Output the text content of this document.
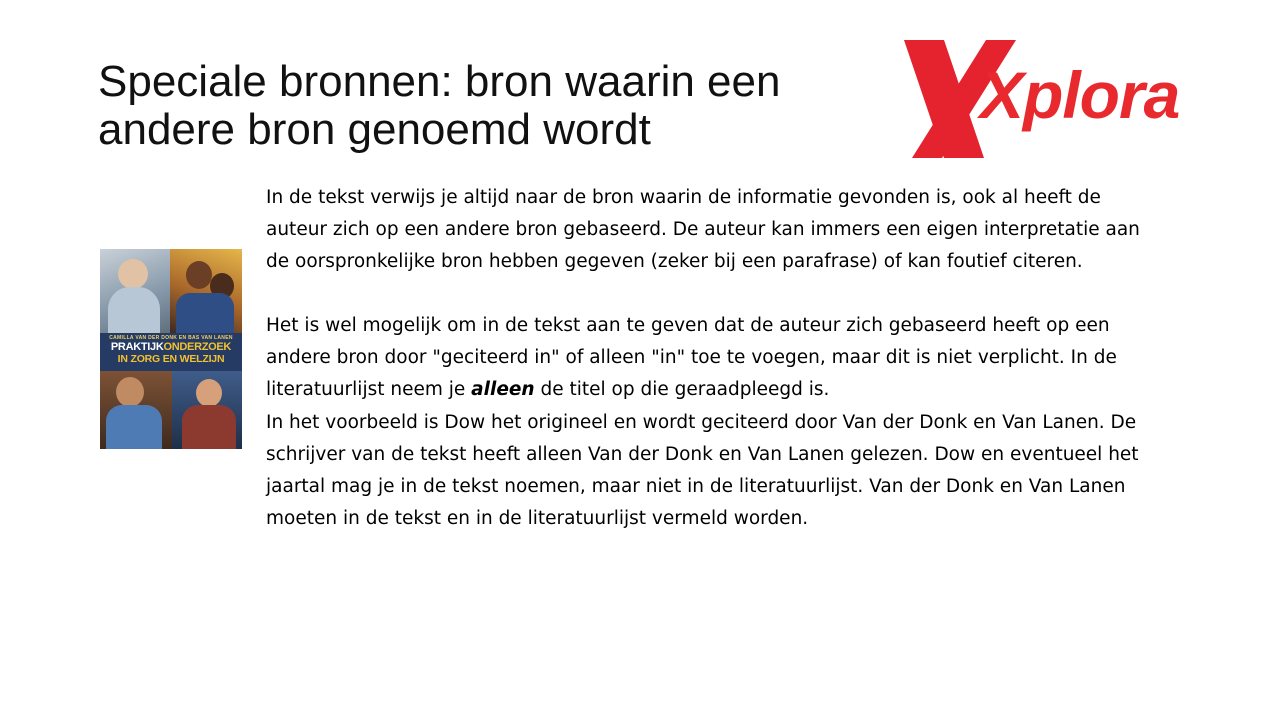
Speciale bronnen: bron waarin een
andere bron genoemd wordt	Xplora
CAMILLA VAN DER DONK EN BAS VAN LANEN
PRAKTIJKONDERZOEK
IN ZORG EN WELZIJN

In de tekst verwijs je altijd naar de bron waarin de informatie gevonden is, ook al heeft de auteur zich op een andere bron gebaseerd. De auteur kan immers een eigen interpretatie aan de oorspronkelijke bron hebben gegeven (zeker bij een parafrase) of kan foutief citeren.

Het is wel mogelijk om in de tekst aan te geven dat de auteur zich gebaseerd heeft op een andere bron door "geciteerd in" of alleen "in" toe te voegen, maar dit is niet verplicht. In de literatuurlijst neem je alleen de titel op die geraadpleegd is.

In het voorbeeld is Dow het origineel en wordt geciteerd door Van der Donk en Van Lanen. De schrijver van de tekst heeft alleen Van der Donk en Van Lanen gelezen. Dow en eventueel het jaartal mag je in de tekst noemen, maar niet in de literatuurlijst. Van der Donk en Van Lanen moeten in de tekst en in de literatuurlijst vermeld worden.
